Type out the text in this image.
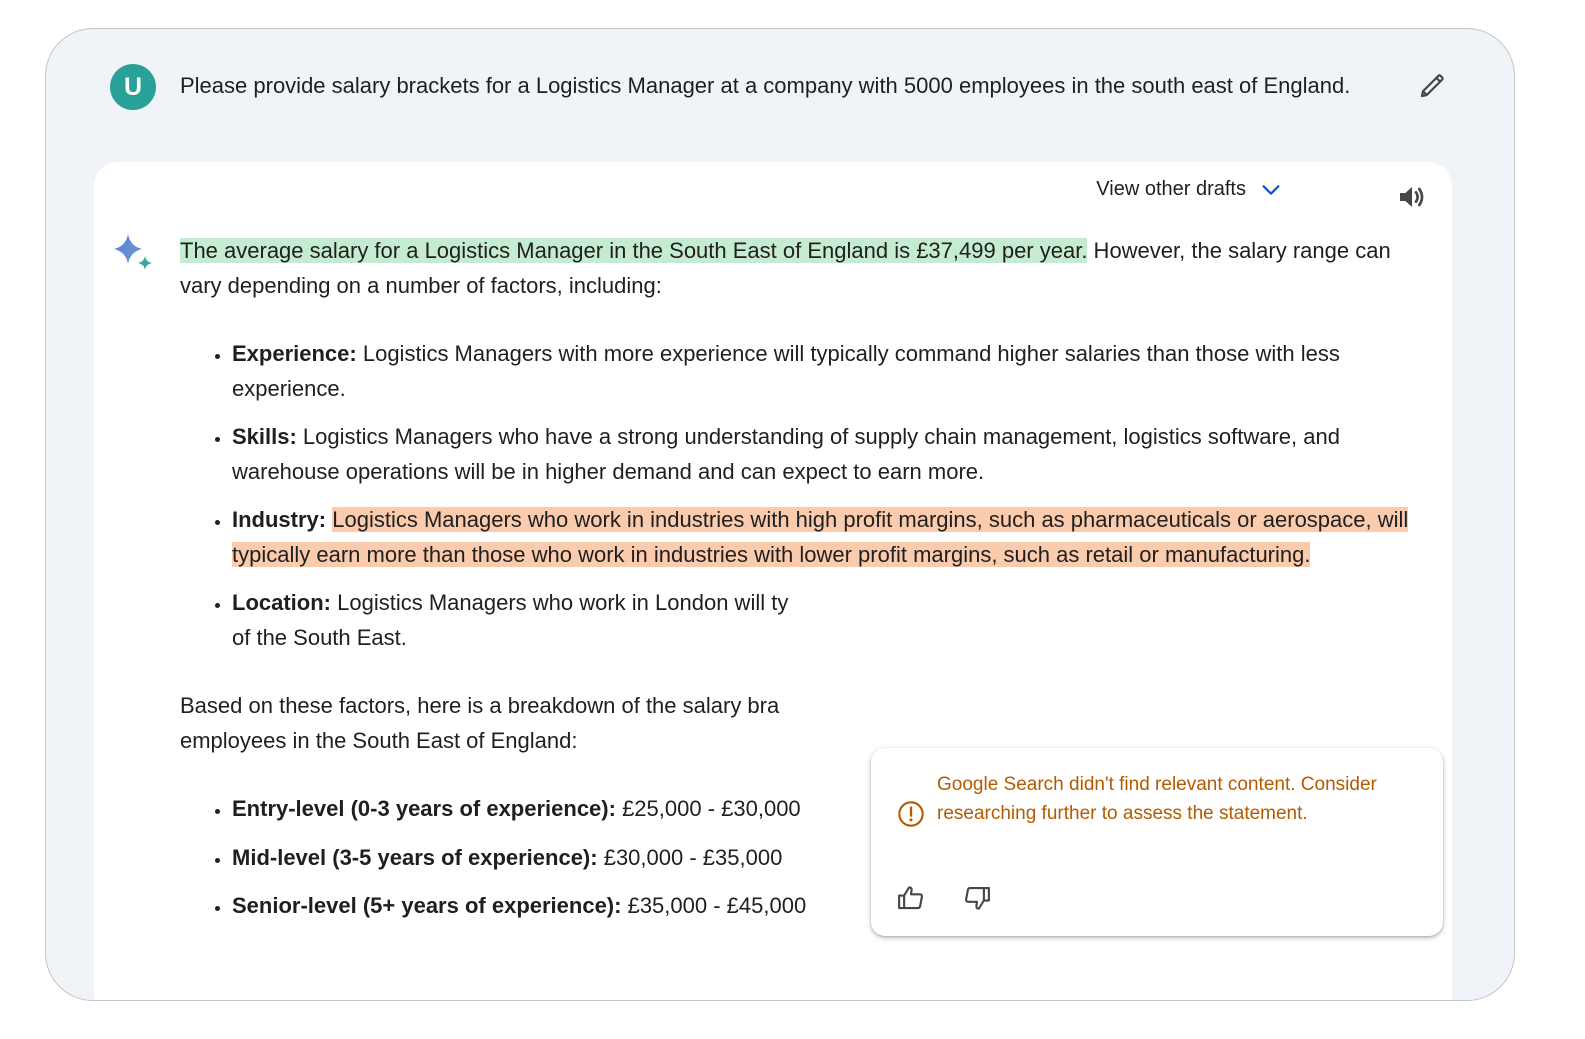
U	Please provide salary brackets for a Logistics Manager at a company with 5000 employees in the south east of England.
View other drafts

The average salary for a Logistics Manager in the South East of England is £37,499 per year. However, the salary range can vary depending on a number of factors, including:

• Experience: Logistics Managers with more experience will typically command higher salaries than those with less experience.
• Skills: Logistics Managers who have a strong understanding of supply chain management, logistics software, and warehouse operations will be in higher demand and can expect to earn more.
• Industry: Logistics Managers who work in industries with high profit margins, such as pharmaceuticals or aerospace, will typically earn more than those who work in industries with lower profit margins, such as retail or manufacturing.
• Location: Logistics Managers who work in London will ty
of the South East.

Based on these factors, here is a breakdown of the salary bra
employees in the South East of England:

• Entry-level (0-3 years of experience): £25,000 - £30,000
• Mid-level (3-5 years of experience): £30,000 - £35,000
• Senior-level (5+ years of experience): £35,000 - £45,000
Google Search didn't find relevant content. Consider researching further to assess the statement.
